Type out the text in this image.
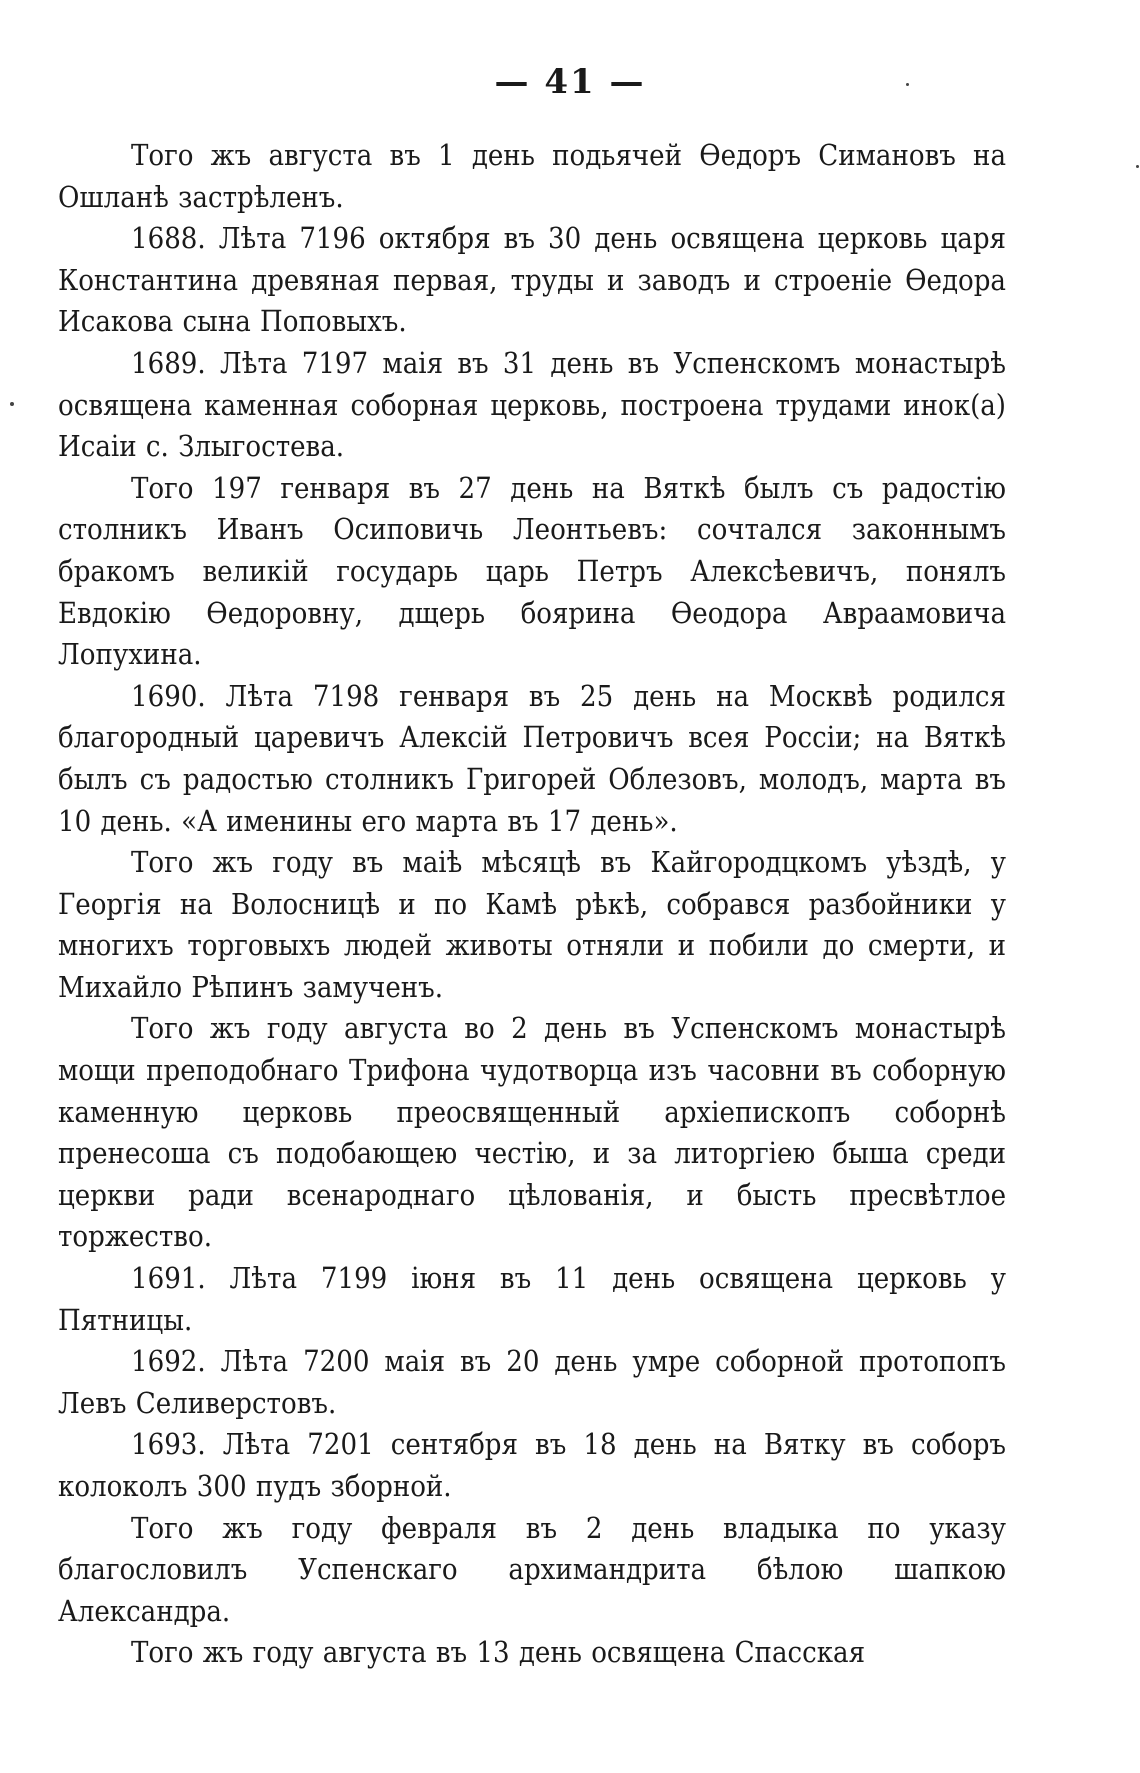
— 41 —

Того жъ августа въ 1 день подьячей Ѳедоръ Симановъ на Ошланѣ застрѣленъ.

1688. Лѣта 7196 октября въ 30 день освящена церковь царя Константина древяная первая, труды и заводъ и строеніе Ѳедора Исакова сына Поповыхъ.

1689. Лѣта 7197 маія въ 31 день въ Успенскомъ монастырѣ освящена каменная соборная церковь, построена трудами инок(а) Исаіи с. Злыгостева.

Того 197 генваря въ 27 день на Вяткѣ былъ съ радостію столникъ Иванъ Осиповичь Леонтьевъ: сочтался законнымъ бракомъ великій государь царь Петръ Алексѣевичъ, понялъ Евдокію Ѳедоровну, дщерь боярина Ѳеодора Авраамовича Лопухина.

1690. Лѣта 7198 генваря въ 25 день на Москвѣ родился благородный царевичъ Алексій Петровичъ всея Россіи; на Вяткѣ былъ съ радостью столникъ Григорей Облезовъ, молодъ, марта въ 10 день. «А именины его марта въ 17 день».

Того жъ году въ маіѣ мѣсяцѣ въ Кайгородцкомъ уѣздѣ, у Георгія на Волосницѣ и по Камѣ рѣкѣ, собрався разбойники у многихъ торговыхъ людей животы отняли и побили до смерти, и Михайло Рѣпинъ замученъ.

Того жъ году августа во 2 день въ Успенскомъ монастырѣ мощи преподобнаго Трифона чудотворца изъ часовни въ соборную каменную церковь преосвященный архіепископъ соборнѣ пренесоша съ подобающею честію, и за литоргіею быша среди церкви ради всенароднаго цѣлованія, и бысть пресвѣтлое торжество.

1691. Лѣта 7199 іюня въ 11 день освящена церковь у Пятницы.

1692. Лѣта 7200 маія въ 20 день умре соборной протопопъ Левъ Селиверстовъ.

1693. Лѣта 7201 сентября въ 18 день на Вятку въ соборъ колоколъ 300 пудъ зборной.

Того жъ году февраля въ 2 день владыка по указу благословилъ Успенскаго архимандрита бѣлою шапкою Александра.

Того жъ году августа въ 13 день освящена Спасская
